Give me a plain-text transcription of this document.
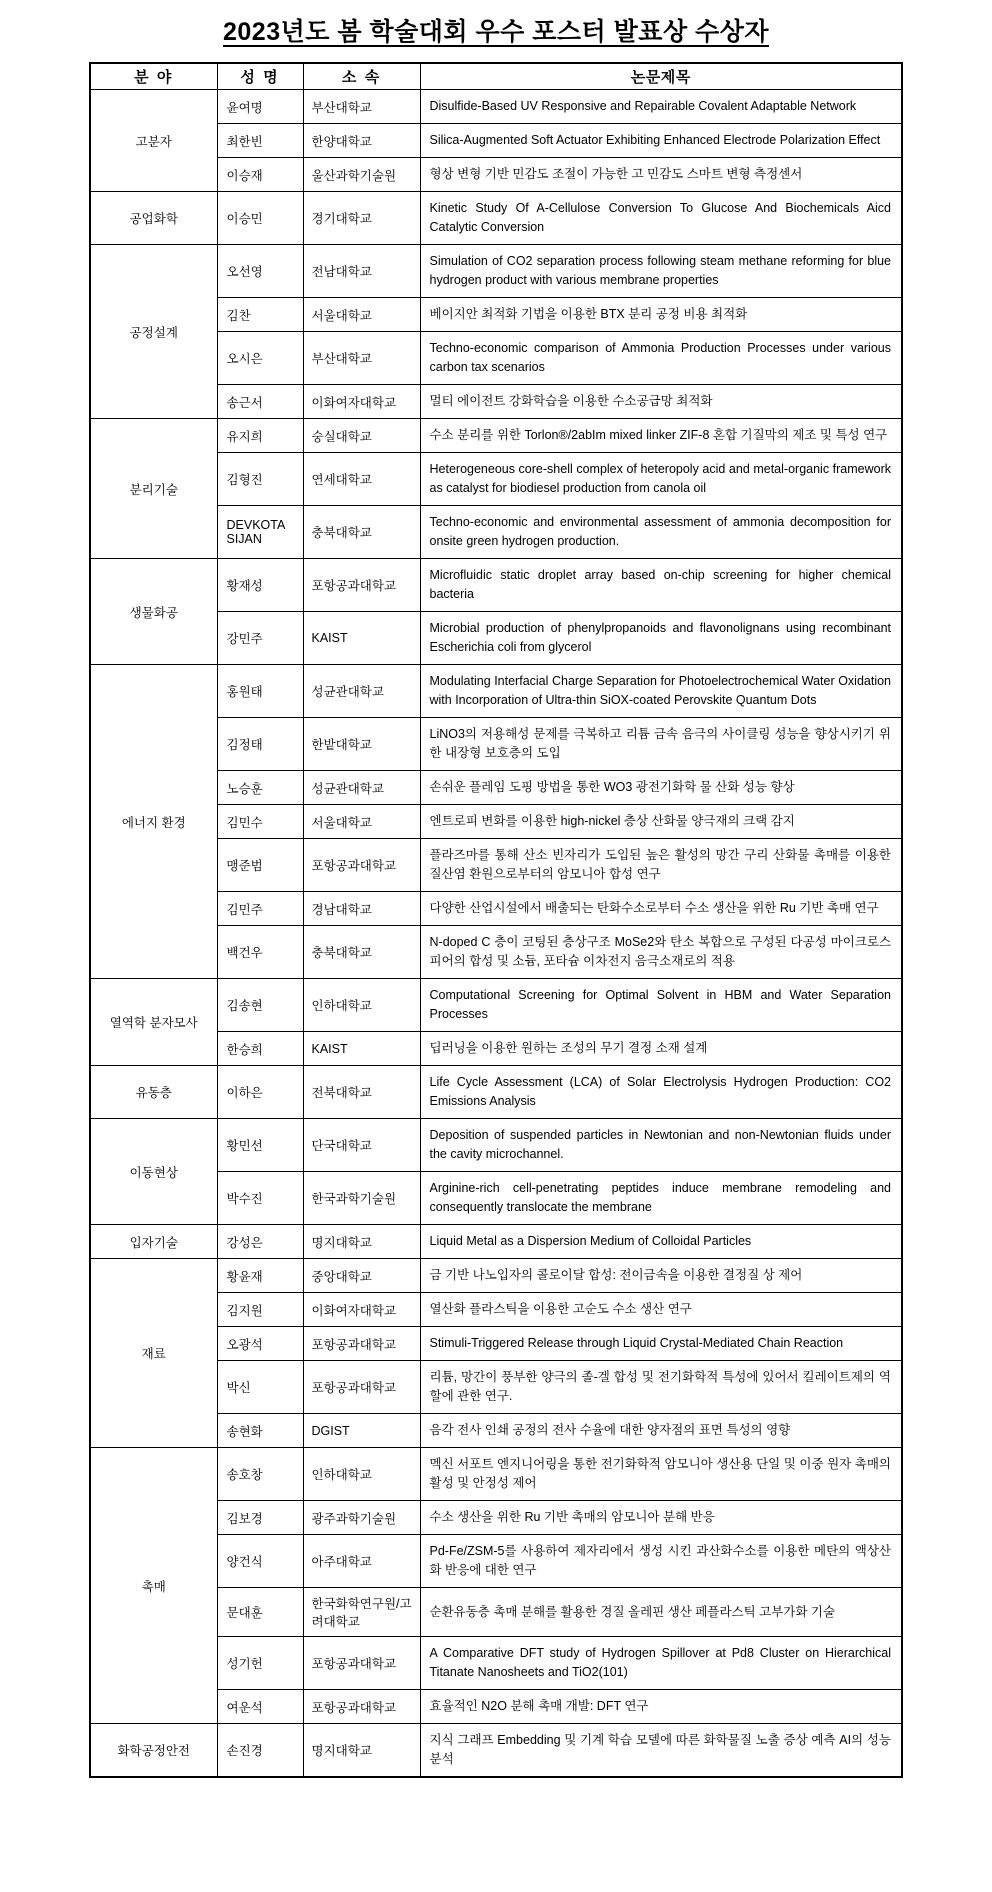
2023년도 봄 학술대회 우수 포스터 발표상 수상자
분 야	성 명	소 속	논문제목
고분자	윤여명	부산대학교	Disulfide-Based UV Responsive and Repairable Covalent Adaptable Network
	최한빈	한양대학교	Silica-Augmented Soft Actuator Exhibiting Enhanced Electrode Polarization Effect
	이승재	울산과학기술원	형상 변형 기반 민감도 조절이 가능한 고 민감도 스마트 변형 측정센서
공업화학	이승민	경기대학교	Kinetic Study Of A-Cellulose Conversion To Glucose And Biochemicals Aicd Catalytic Conversion
공정설계	오선영	전남대학교	Simulation of CO2 separation process following steam methane reforming for blue hydrogen product with various membrane properties
	김찬	서울대학교	베이지안 최적화 기법을 이용한 BTX 분리 공정 비용 최적화
	오시은	부산대학교	Techno-economic comparison of Ammonia Production Processes under various carbon tax scenarios
	송근서	이화여자대학교	멀티 에이전트 강화학습을 이용한 수소공급망 최적화
분리기술	유지희	숭실대학교	수소 분리를 위한 Torlon®/2abIm mixed linker ZIF-8 혼합 기질막의 제조 및 특성 연구
	김형진	연세대학교	Heterogeneous core-shell complex of heteropoly acid and metal-organic framework as catalyst for biodiesel production from canola oil
	DEVKOTA SIJAN	충북대학교	Techno-economic and environmental assessment of ammonia decomposition for onsite green hydrogen production.
생물화공	황재성	포항공과대학교	Microfluidic static droplet array based on-chip screening for higher chemical bacteria
	강민주	KAIST	Microbial production of phenylpropanoids and flavonolignans using recombinant Escherichia coli from glycerol
에너지 환경	홍원태	성균관대학교	Modulating Interfacial Charge Separation for Photoelectrochemical Water Oxidation with Incorporation of Ultra-thin SiOX-coated Perovskite Quantum Dots
	김정태	한밭대학교	LiNO3의 저용해성 문제를 극복하고 리튬 금속 음극의 사이클링 성능을 향상시키기 위한 내장형 보호층의 도입
	노승훈	성균관대학교	손쉬운 플레임 도핑 방법을 통한 WO3 광전기화학 물 산화 성능 향상
	김민수	서울대학교	엔트로피 변화를 이용한 high-nickel 층상 산화물 양극재의 크랙 감지
	맹준범	포항공과대학교	플라즈마를 통해 산소 빈자리가 도입된 높은 활성의 망간 구리 산화물 촉매를 이용한 질산염 환원으로부터의 암모니아 합성 연구
	김민주	경남대학교	다양한 산업시설에서 배출되는 탄화수소로부터 수소 생산을 위한 Ru 기반 촉매 연구
	백건우	충북대학교	N-doped C 층이 코팅된 층상구조 MoSe2와 탄소 복합으로 구성된 다공성 마이크로스피어의 합성 및 소듐, 포타슘 이차전지 음극소재로의 적용
열역학 분자모사	김송현	인하대학교	Computational Screening for Optimal Solvent in HBM and Water Separation Processes
	한승희	KAIST	딥러닝을 이용한 원하는 조성의 무기 결정 소재 설계
유동층	이하은	전북대학교	Life Cycle Assessment (LCA) of Solar Electrolysis Hydrogen Production: CO2 Emissions Analysis
이동현상	황민선	단국대학교	Deposition of suspended particles in Newtonian and non-Newtonian fluids under the cavity microchannel.
	박수진	한국과학기술원	Arginine-rich cell-penetrating peptides induce membrane remodeling and consequently translocate the membrane
입자기술	강성은	명지대학교	Liquid Metal as a Dispersion Medium of Colloidal Particles
재료	황윤재	중앙대학교	금 기반 나노입자의 콜로이달 합성: 전이금속을 이용한 결정질 상 제어
	김지원	이화여자대학교	열산화 플라스틱을 이용한 고순도 수소 생산 연구
	오광석	포항공과대학교	Stimuli-Triggered Release through Liquid Crystal-Mediated Chain Reaction
	박신	포항공과대학교	리튬, 망간이 풍부한 양극의 졸-겔 합성 및 전기화학적 특성에 있어서 킬레이트제의 역할에 관한 연구.
	송현화	DGIST	음각 전사 인쇄 공정의 전사 수율에 대한 양자점의 표면 특성의 영향
촉매	송호창	인하대학교	멕신 서포트 엔지니어링을 통한 전기화학적 암모니아 생산용 단일 및 이중 원자 촉매의 활성 및 안정성 제어
	김보경	광주과학기술원	수소 생산을 위한 Ru 기반 촉매의 암모니아 분해 반응
	양건식	아주대학교	Pd-Fe/ZSM-5를 사용하여 제자리에서 생성 시킨 과산화수소를 이용한 메탄의 액상산화 반응에 대한 연구
	문대훈	한국화학연구원/고려대학교	순환유동층 촉매 분해를 활용한 경질 올레핀 생산 페플라스틱 고부가화 기술
	성기헌	포항공과대학교	A Comparative DFT study of Hydrogen Spillover at Pd8 Cluster on Hierarchical Titanate Nanosheets and TiO2(101)
	여운석	포항공과대학교	효율적인 N2O 분해 촉매 개발: DFT 연구
화학공정안전	손진경	명지대학교	지식 그래프 Embedding 및 기계 학습 모델에 따른 화학물질 노출 증상 예측 AI의 성능 분석
